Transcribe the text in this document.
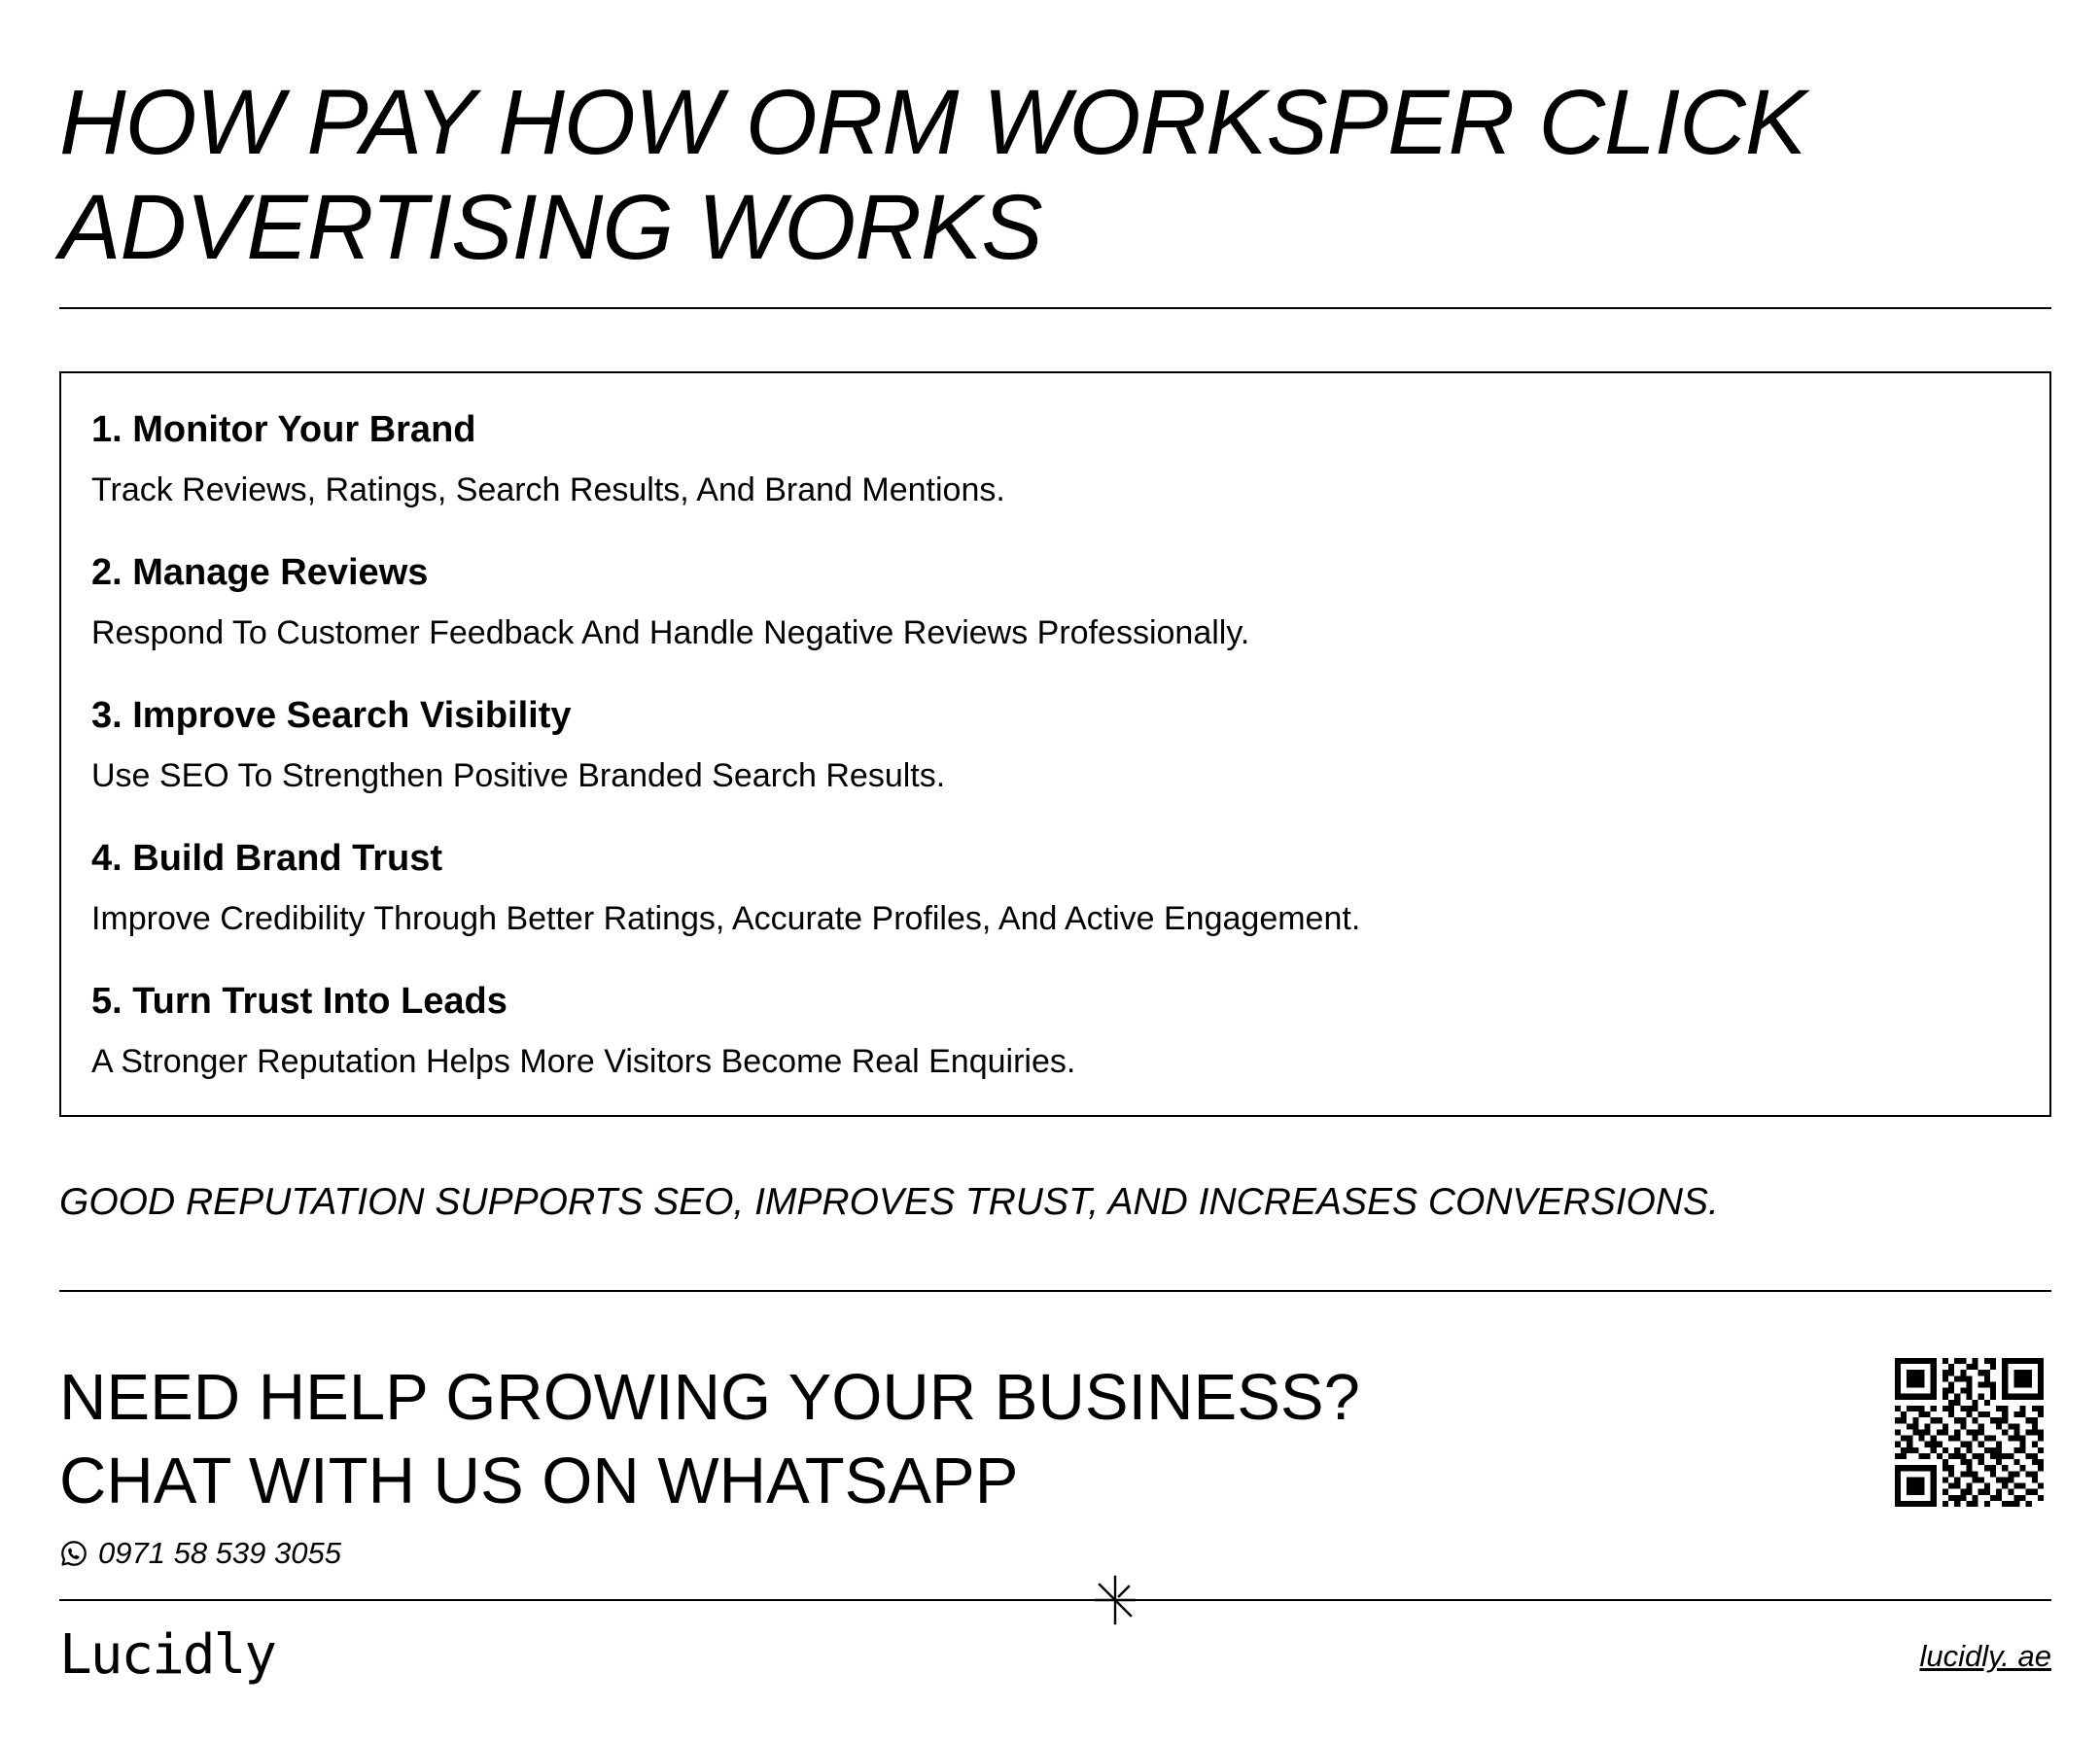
HOW PAY HOW ORM WORKSPER CLICK
ADVERTISING WORKS
1. Monitor Your Brand
Track Reviews, Ratings, Search Results, And Brand Mentions.
2. Manage Reviews
Respond To Customer Feedback And Handle Negative Reviews Professionally.
3. Improve Search Visibility
Use SEO To Strengthen Positive Branded Search Results.
4. Build Brand Trust
Improve Credibility Through Better Ratings, Accurate Profiles, And Active Engagement.
5. Turn Trust Into Leads
A Stronger Reputation Helps More Visitors Become Real Enquiries.
GOOD REPUTATION SUPPORTS SEO, IMPROVES TRUST, AND INCREASES CONVERSIONS.
NEED HELP GROWING YOUR BUSINESS?
CHAT WITH US ON WHATSAPP
0971 58 539 3055
Lucidly	lucidly. ae
